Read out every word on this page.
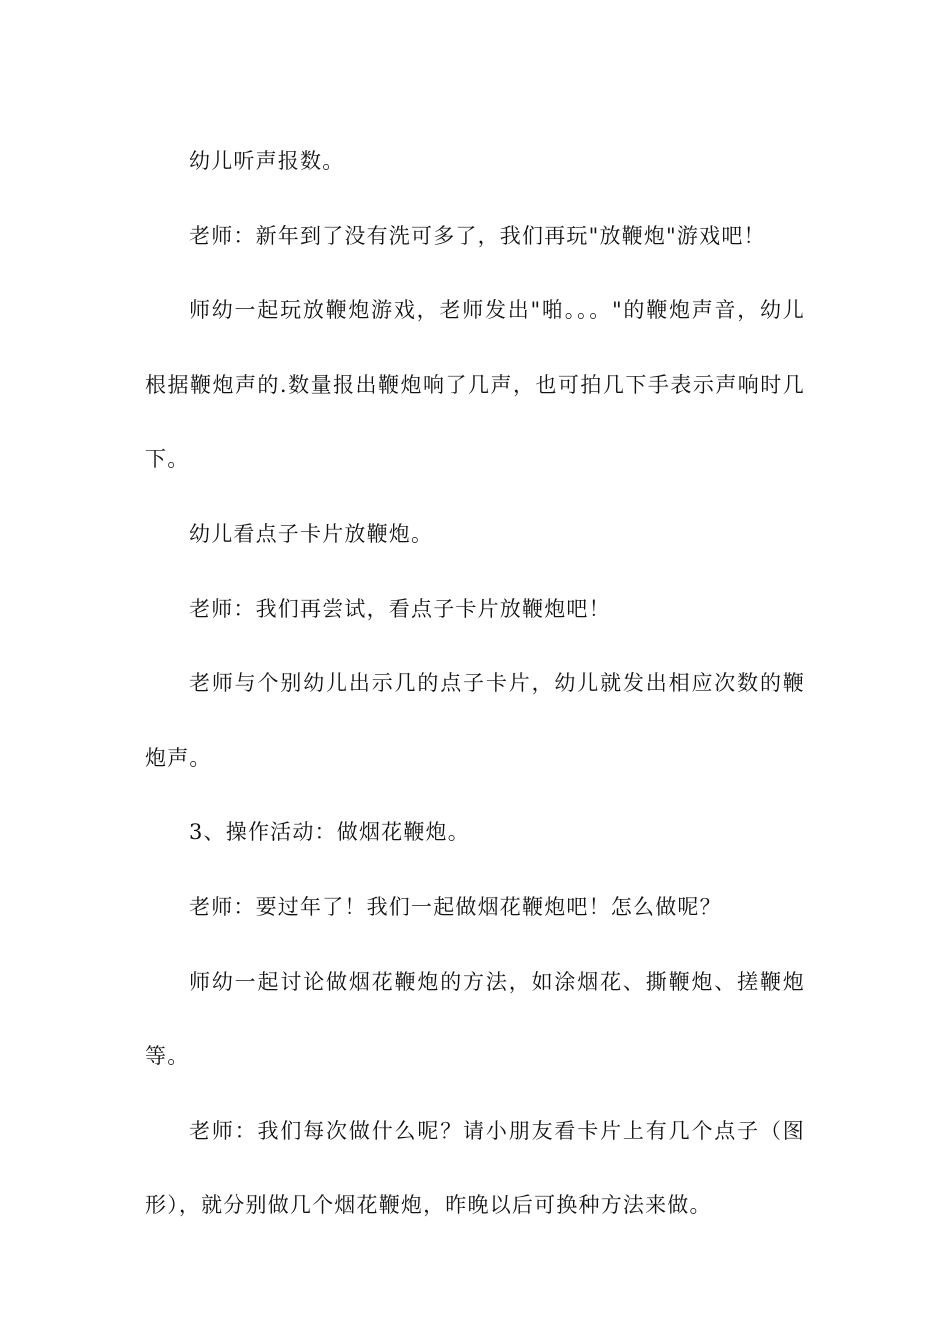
幼儿听声报数。

老师：新年到了没有洗可多了，我们再玩"放鞭炮"游戏吧！

师幼一起玩放鞭炮游戏，老师发出"啪。。。"的鞭炮声音，幼儿根据鞭炮声的.数量报出鞭炮响了几声，也可拍几下手表示声响时几下。

幼儿看点子卡片放鞭炮。

老师：我们再尝试，看点子卡片放鞭炮吧！

老师与个别幼儿出示几的点子卡片，幼儿就发出相应次数的鞭炮声。

3、操作活动：做烟花鞭炮。

老师：要过年了！我们一起做烟花鞭炮吧！怎么做呢？

师幼一起讨论做烟花鞭炮的方法，如涂烟花、撕鞭炮、搓鞭炮等。

老师：我们每次做什么呢？请小朋友看卡片上有几个点子（图形），就分别做几个烟花鞭炮，昨晚以后可换种方法来做。
